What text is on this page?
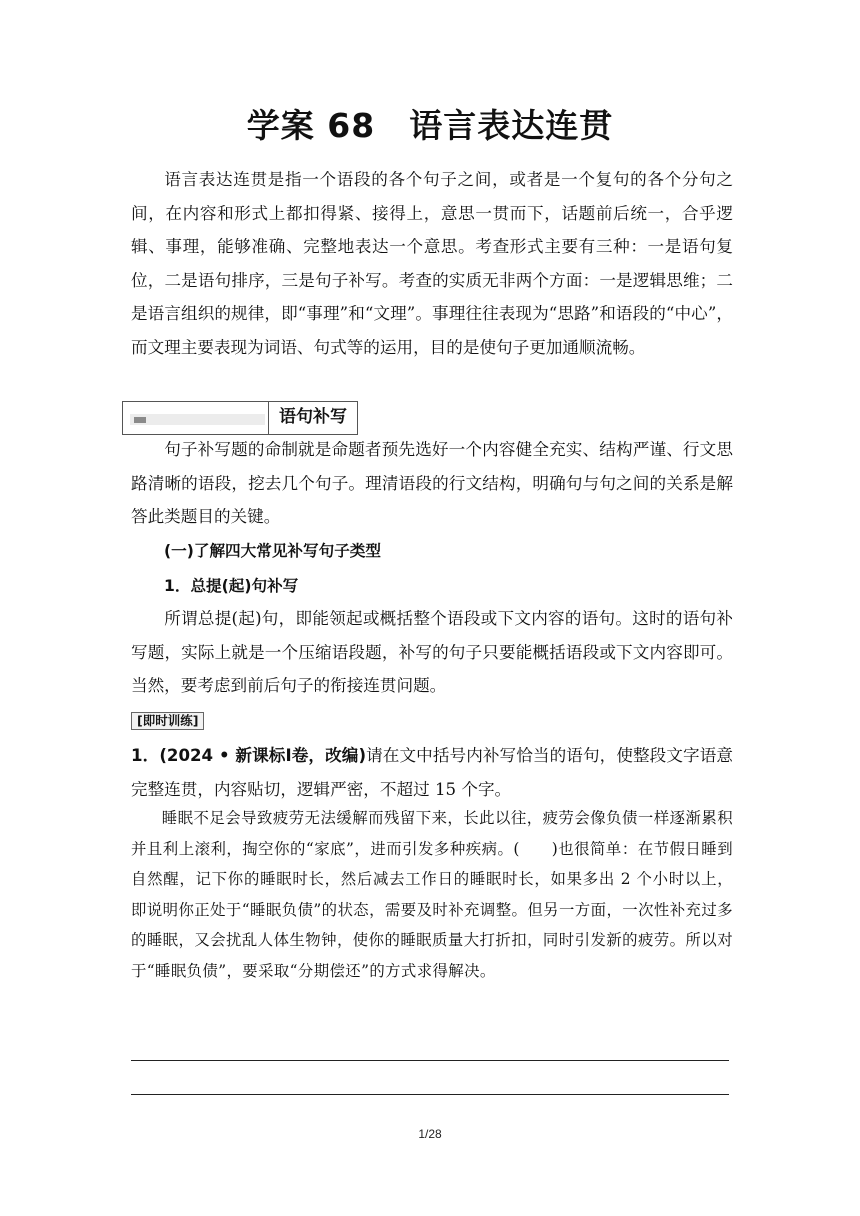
学案 68　语言表达连贯

语言表达连贯是指一个语段的各个句子之间，或者是一个复句的各个分句之间，在内容和形式上都扣得紧、接得上，意思一贯而下，话题前后统一，合乎逻辑、事理，能够准确、完整地表达一个意思。考查形式主要有三种：一是语句复位，二是语句排序，三是句子补写。考查的实质无非两个方面：一是逻辑思维；二是语言组织的规律，即“事理”和“文理”。事理往往表现为“思路”和语段的“中心”，而文理主要表现为词语、句式等的运用，目的是使句子更加通顺流畅。

语句补写

句子补写题的命制就是命题者预先选好一个内容健全充实、结构严谨、行文思路清晰的语段，挖去几个句子。理清语段的行文结构，明确句与句之间的关系是解答此类题目的关键。

(一)了解四大常见补写句子类型

1．总提(起)句补写

所谓总提(起)句，即能领起或概括整个语段或下文内容的语句。这时的语句补写题，实际上就是一个压缩语段题，补写的句子只要能概括语段或下文内容即可。当然，要考虑到前后句子的衔接连贯问题。

[即时训练]

1．(2024 • 新课标Ⅰ卷，改编)请在文中括号内补写恰当的语句，使整段文字语意完整连贯，内容贴切，逻辑严密，不超过 15 个字。

睡眠不足会导致疲劳无法缓解而残留下来，长此以往，疲劳会像负债一样逐渐累积并且利上滚利，掏空你的“家底”，进而引发多种疾病。(　　)也很简单：在节假日睡到自然醒，记下你的睡眠时长，然后减去工作日的睡眠时长，如果多出 2 个小时以上，即说明你正处于“睡眠负债”的状态，需要及时补充调整。但另一方面，一次性补充过多的睡眠，又会扰乱人体生物钟，使你的睡眠质量大打折扣，同时引发新的疲劳。所以对于“睡眠负债”，要采取“分期偿还”的方式求得解决。

1/28
